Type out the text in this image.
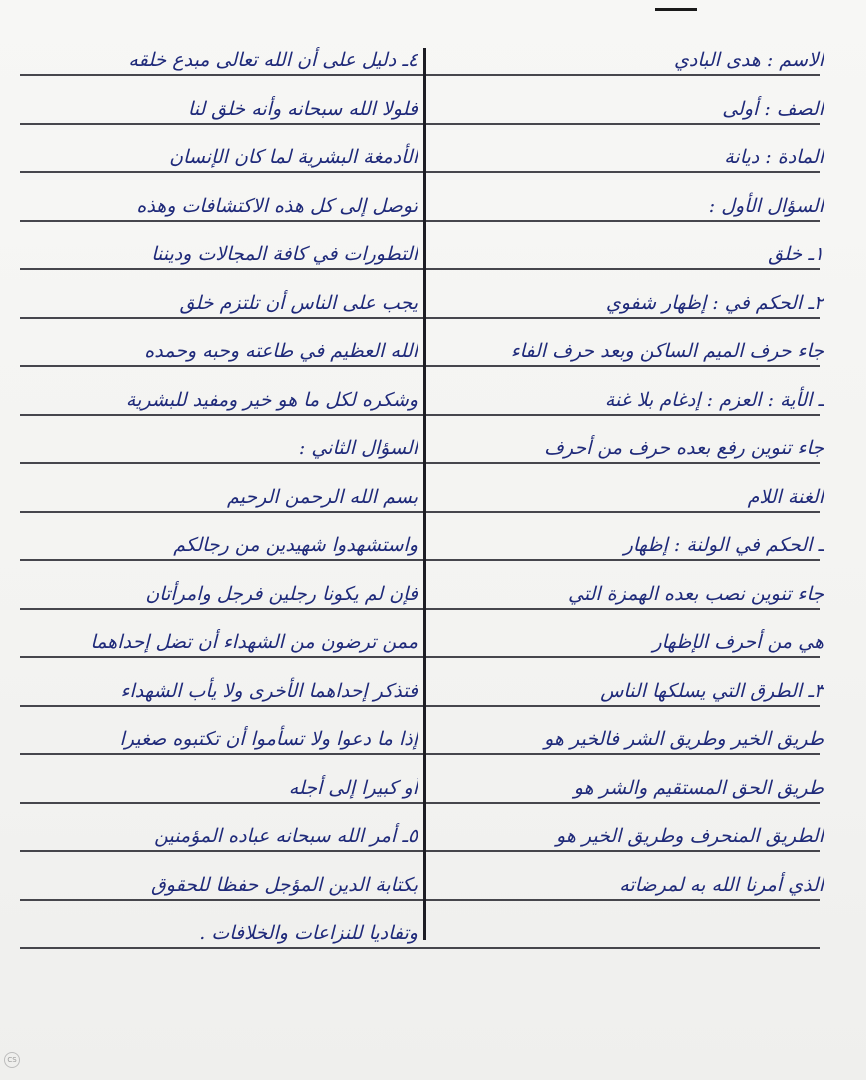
الاسم : هدى البادي
الصف : أولى
المادة : ديانة
السؤال الأول :
١ـ خلق
٢ـ الحكم في : إظهار شفوي
جاء حرف الميم الساكن وبعد حرف الفاء
ـ الأية : العزم : إدغام بلا غنة
جاء تنوين رفع بعده حرف من أحرف
الغنة اللام
ـ الحكم في الولنة : إظهار
جاء تنوين نصب بعده الهمزة التي
هي من أحرف الإظهار
٣ـ الطرق التي يسلكها الناس
طريق الخير وطريق الشر فالخير هو
طريق الحق المستقيم والشر هو
الطريق المنحرف وطريق الخير هو
الذي أمرنا الله به لمرضاته
٤ـ دليل على أن الله تعالى مبدع خلقه
فلولا الله سبحانه وأنه خلق لنا
الأدمغة البشرية لما كان الإنسان
توصل إلى كل هذه الاكتشافات وهذه
التطورات في كافة المجالات وديننا
يجب على الناس أن تلتزم خلق
الله العظيم في طاعته وحبه وحمده
وشكره لكل ما هو خير ومفيد للبشرية
السؤال الثاني :
بسم الله الرحمن الرحيم
واستشهدوا شهيدين من رجالكم
فإن لم يكونا رجلين فرجل وامرأتان
ممن ترضون من الشهداء أن تضل إحداهما
فتذكر إحداهما الأخرى ولا يأب الشهداء
إذا ما دعوا ولا تسأموا أن تكتبوه صغيرا
أو كبيرا إلى أجله
٥ـ أمر الله سبحانه عباده المؤمنين
بكتابة الدين المؤجل حفظا للحقوق
وتفاديا للنزاعات والخلافات .
CS
